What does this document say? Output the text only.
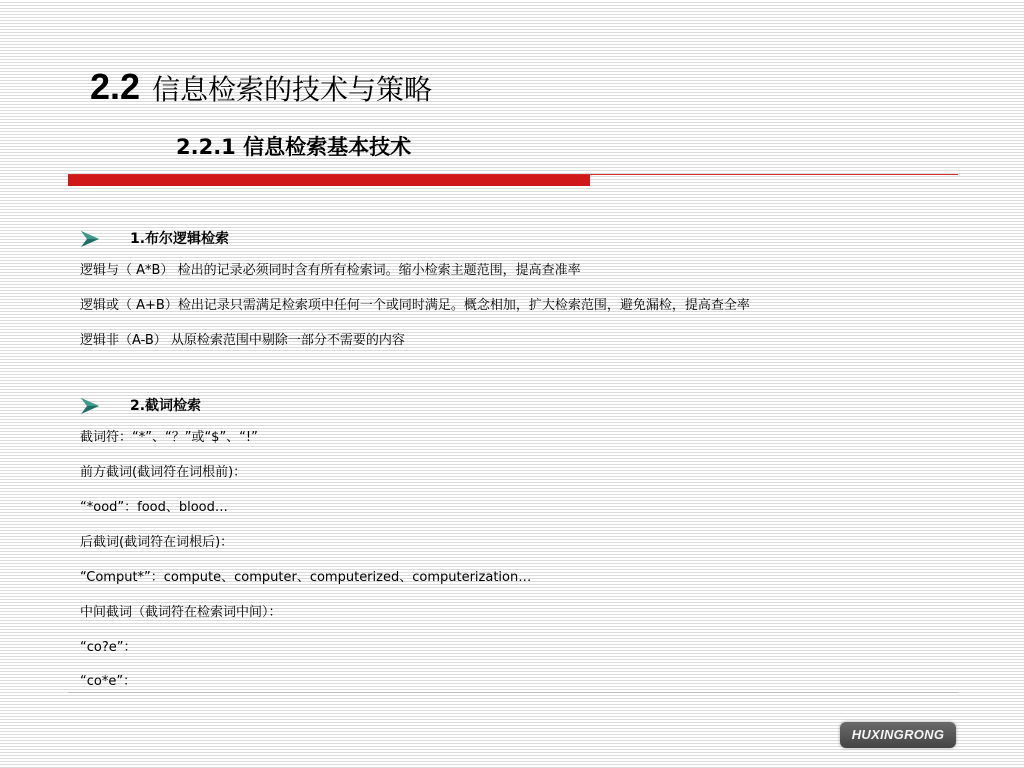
2.2 信息检索的技术与策略
2.2.1 信息检索基本技术
1.布尔逻辑检索
逻辑与（ A*B） 检出的记录必须同时含有所有检索词。缩小检索主题范围，提高查准率
逻辑或（ A+B）检出记录只需满足检索项中任何一个或同时满足。概念相加，扩大检索范围，避免漏检，提高查全率
逻辑非（A-B） 从原检索范围中剔除一部分不需要的内容
2.截词检索
截词符：“*”、“？”或“$”、“!”
前方截词(截词符在词根前)：
“*ood”：food、blood…
后截词(截词符在词根后)：
“Comput*”：compute、computer、computerized、computerization…
中间截词（截词符在检索词中间）：
“co?e”：
“co*e”：
HUXINGRONG
